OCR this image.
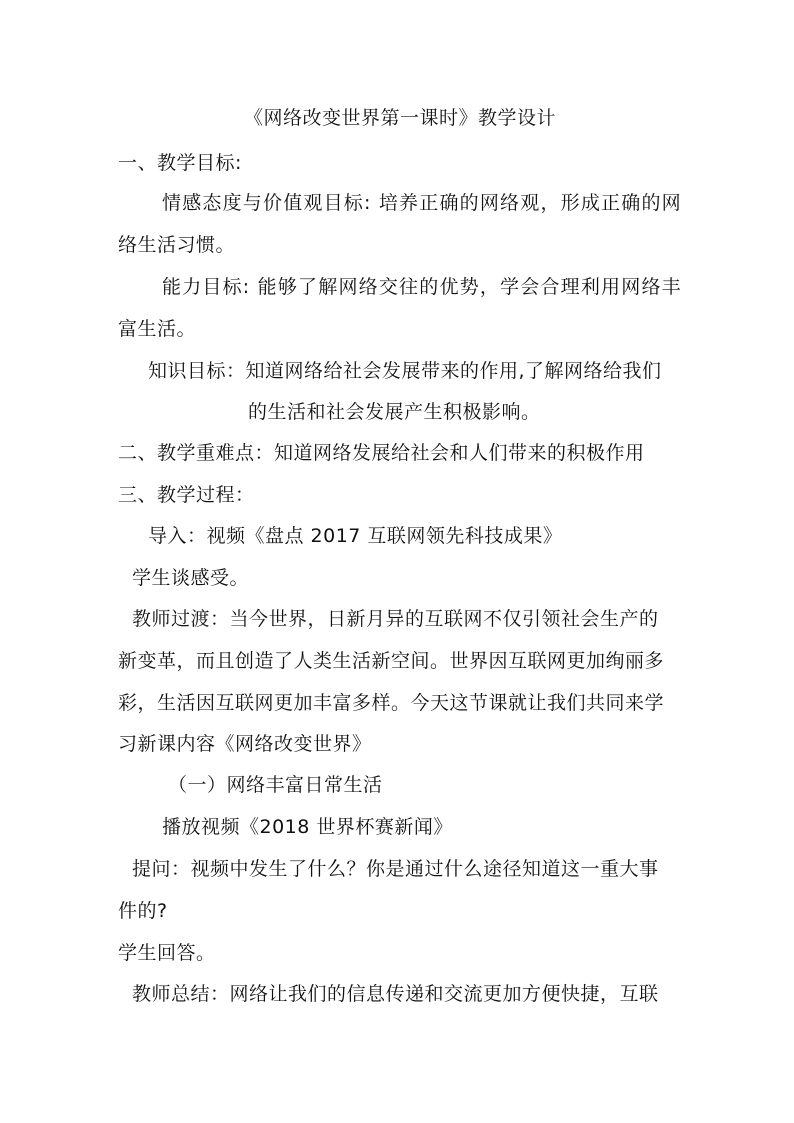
《网络改变世界第一课时》教学设计
一、教学目标:
情感态度与价值观目标: 培养正确的网络观，形成正确的网
络生活习惯。
能力目标: 能够了解网络交往的优势，学会合理利用网络丰
富生活。
知识目标：知道网络给社会发展带来的作用,了解网络给我们
的生活和社会发展产生积极影响。
二、教学重难点：知道网络发展给社会和人们带来的积极作用
三、教学过程：
导入：视频《盘点 2017 互联网领先科技成果》
学生谈感受。
教师过渡：当今世界，日新月异的互联网不仅引领社会生产的
新变革，而且创造了人类生活新空间。世界因互联网更加绚丽多
彩，生活因互联网更加丰富多样。今天这节课就让我们共同来学
习新课内容《网络改变世界》
（一）网络丰富日常生活
播放视频《2018 世界杯赛新闻》
提问：视频中发生了什么？你是通过什么途径知道这一重大事
件的?
学生回答。
教师总结：网络让我们的信息传递和交流更加方便快捷，互联
